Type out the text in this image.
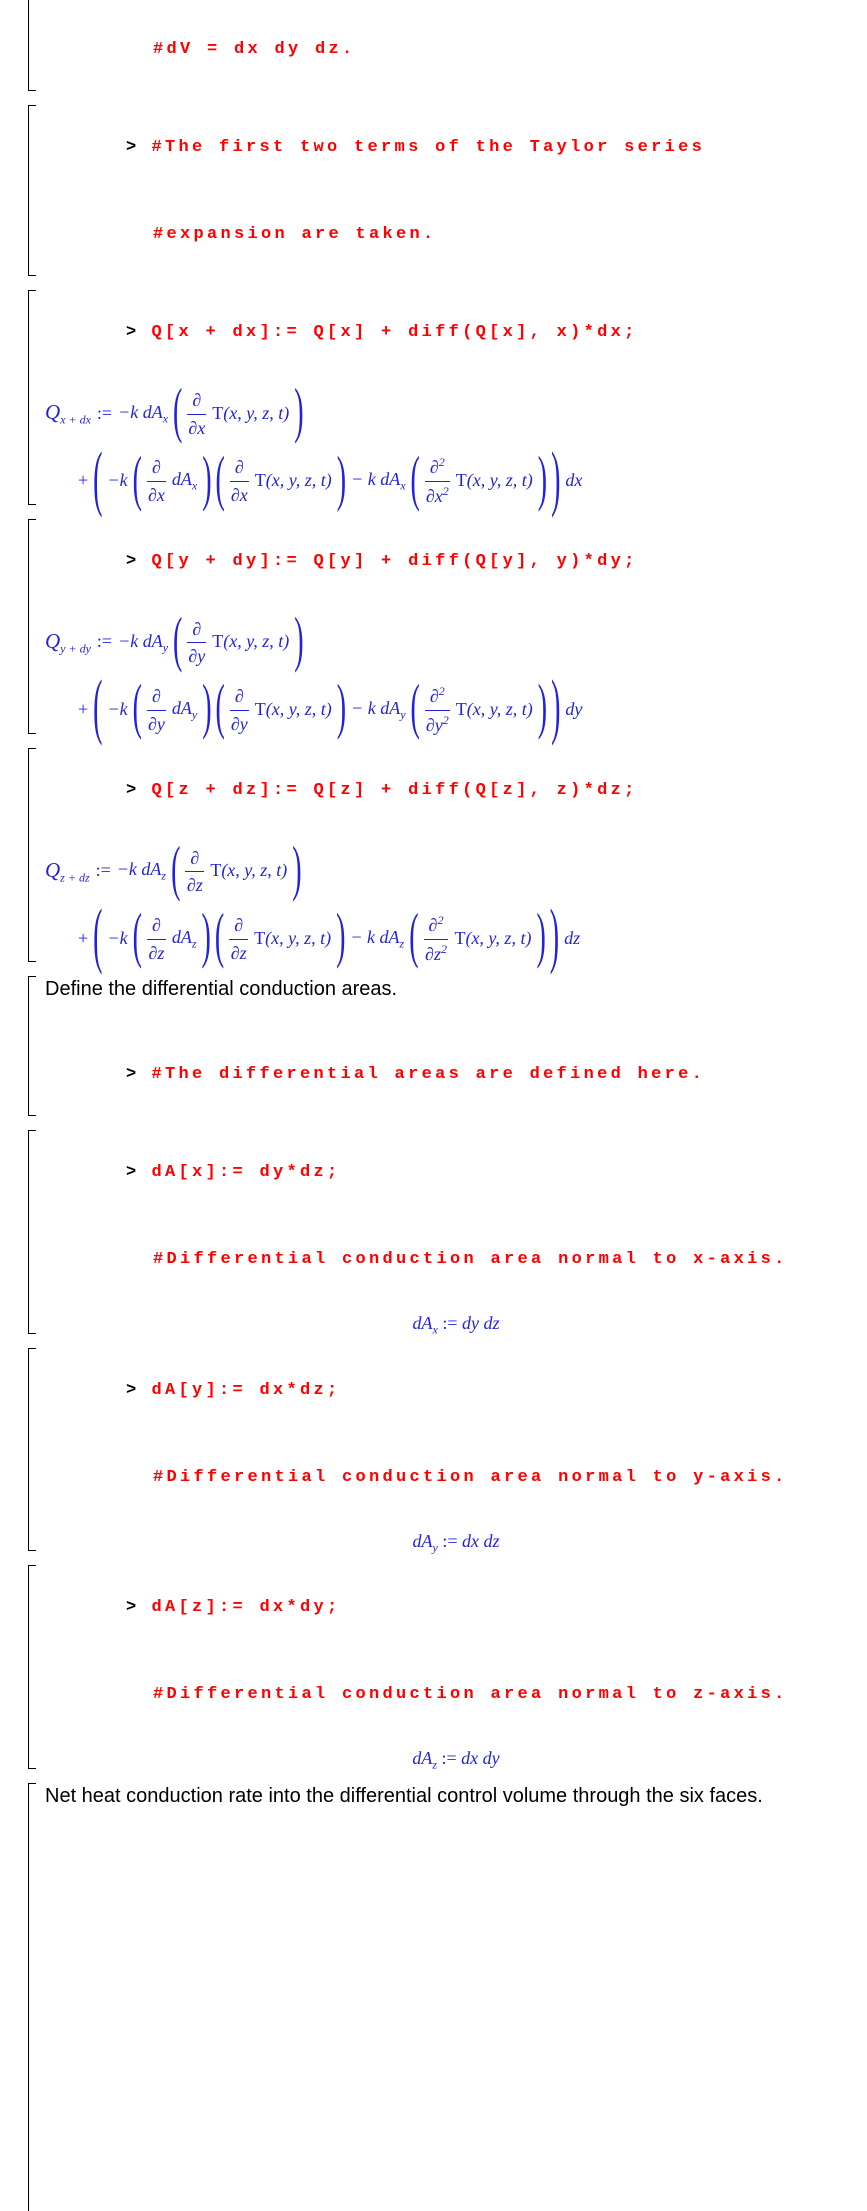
#dV = dx dy dz.

> #The first two terms of the Taylor series

#expansion are taken.

> Q[x + dx]:= Q[x] + diff(Q[x], x)*dx;

$Q_{x + dx}$ := −k $dA_x$ ( ∂
∂x
T(x, y, z, t) )
+ ( −k ( ∂
∂x
$dA_x$ ) ( ∂
∂x
T(x, y, z, t) ) − k $dA_x$ ( ∂$^2$
$\partial x^2$
T(x, y, z, t) ) ) dx

> Q[y + dy]:= Q[y] + diff(Q[y], y)*dy;

$Q_{y + dy}$ := −k $dA_y$ ( ∂
∂y
T(x, y, z, t) )
+ ( −k ( ∂
∂y
$dA_y$ ) ( ∂
∂y
T(x, y, z, t) ) − k $dA_y$ ( ∂$^2$
$\partial y^2$
T(x, y, z, t) ) ) dy

> Q[z + dz]:= Q[z] + diff(Q[z], z)*dz;

$Q_{z + dz}$ := −k $dA_z$ ( ∂
∂z
T(x, y, z, t) )
+ ( −k ( ∂
∂z
$dA_z$ ) ( ∂
∂z
T(x, y, z, t) ) − k $dA_z$ ( ∂$^2$
$\partial z^2$
T(x, y, z, t) ) ) dz
Define the differential conduction areas.

> #The differential areas are defined here.

> dA[x]:= dy*dz;

#Differential conduction area normal to x-axis.

$dA_x$
:=
dy dz

> dA[y]:= dx*dz;

#Differential conduction area normal to y-axis.

$dA_y$
:=
dx dz

> dA[z]:= dx*dy;

#Differential conduction area normal to z-axis.

$dA_z$
:=
dx dy
Net heat conduction rate into the differential control volume through the six faces.
